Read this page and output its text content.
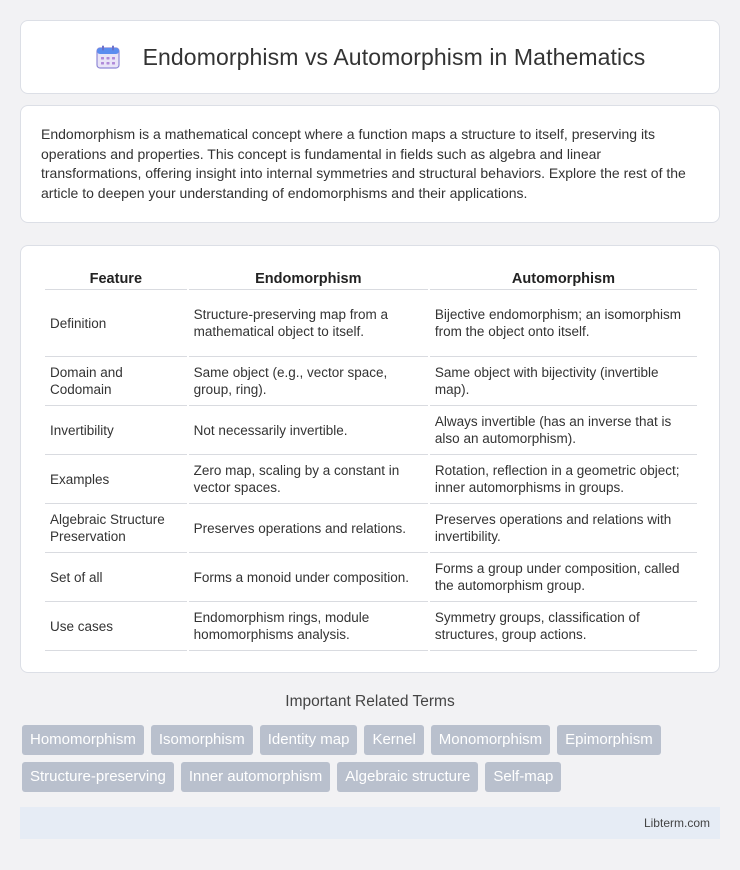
Endomorphism vs Automorphism in Mathematics

Endomorphism is a mathematical concept where a function maps a structure to itself, preserving its operations and properties. This concept is fundamental in fields such as algebra and linear transformations, offering insight into internal symmetries and structural behaviors. Explore the rest of the article to deepen your understanding of endomorphisms and their applications.

Feature	Endomorphism	Automorphism
Definition	Structure-preserving map from a mathematical object to itself.	Bijective endomorphism; an isomorphism from the object onto itself.
Domain and Codomain	Same object (e.g., vector space, group, ring).	Same object with bijectivity (invertible map).
Invertibility	Not necessarily invertible.	Always invertible (has an inverse that is also an automorphism).
Examples	Zero map, scaling by a constant in vector spaces.	Rotation, reflection in a geometric object; inner automorphisms in groups.
Algebraic Structure Preservation	Preserves operations and relations.	Preserves operations and relations with invertibility.
Set of all	Forms a monoid under composition.	Forms a group under composition, called the automorphism group.
Use cases	Endomorphism rings, module homomorphisms analysis.	Symmetry groups, classification of structures, group actions.
Important Related Terms
Homomorphism	Isomorphism	Identity map	Kernel	Monomorphism	Epimorphism
Structure-preserving	Inner automorphism	Algebraic structure	Self-map
Libterm.com
